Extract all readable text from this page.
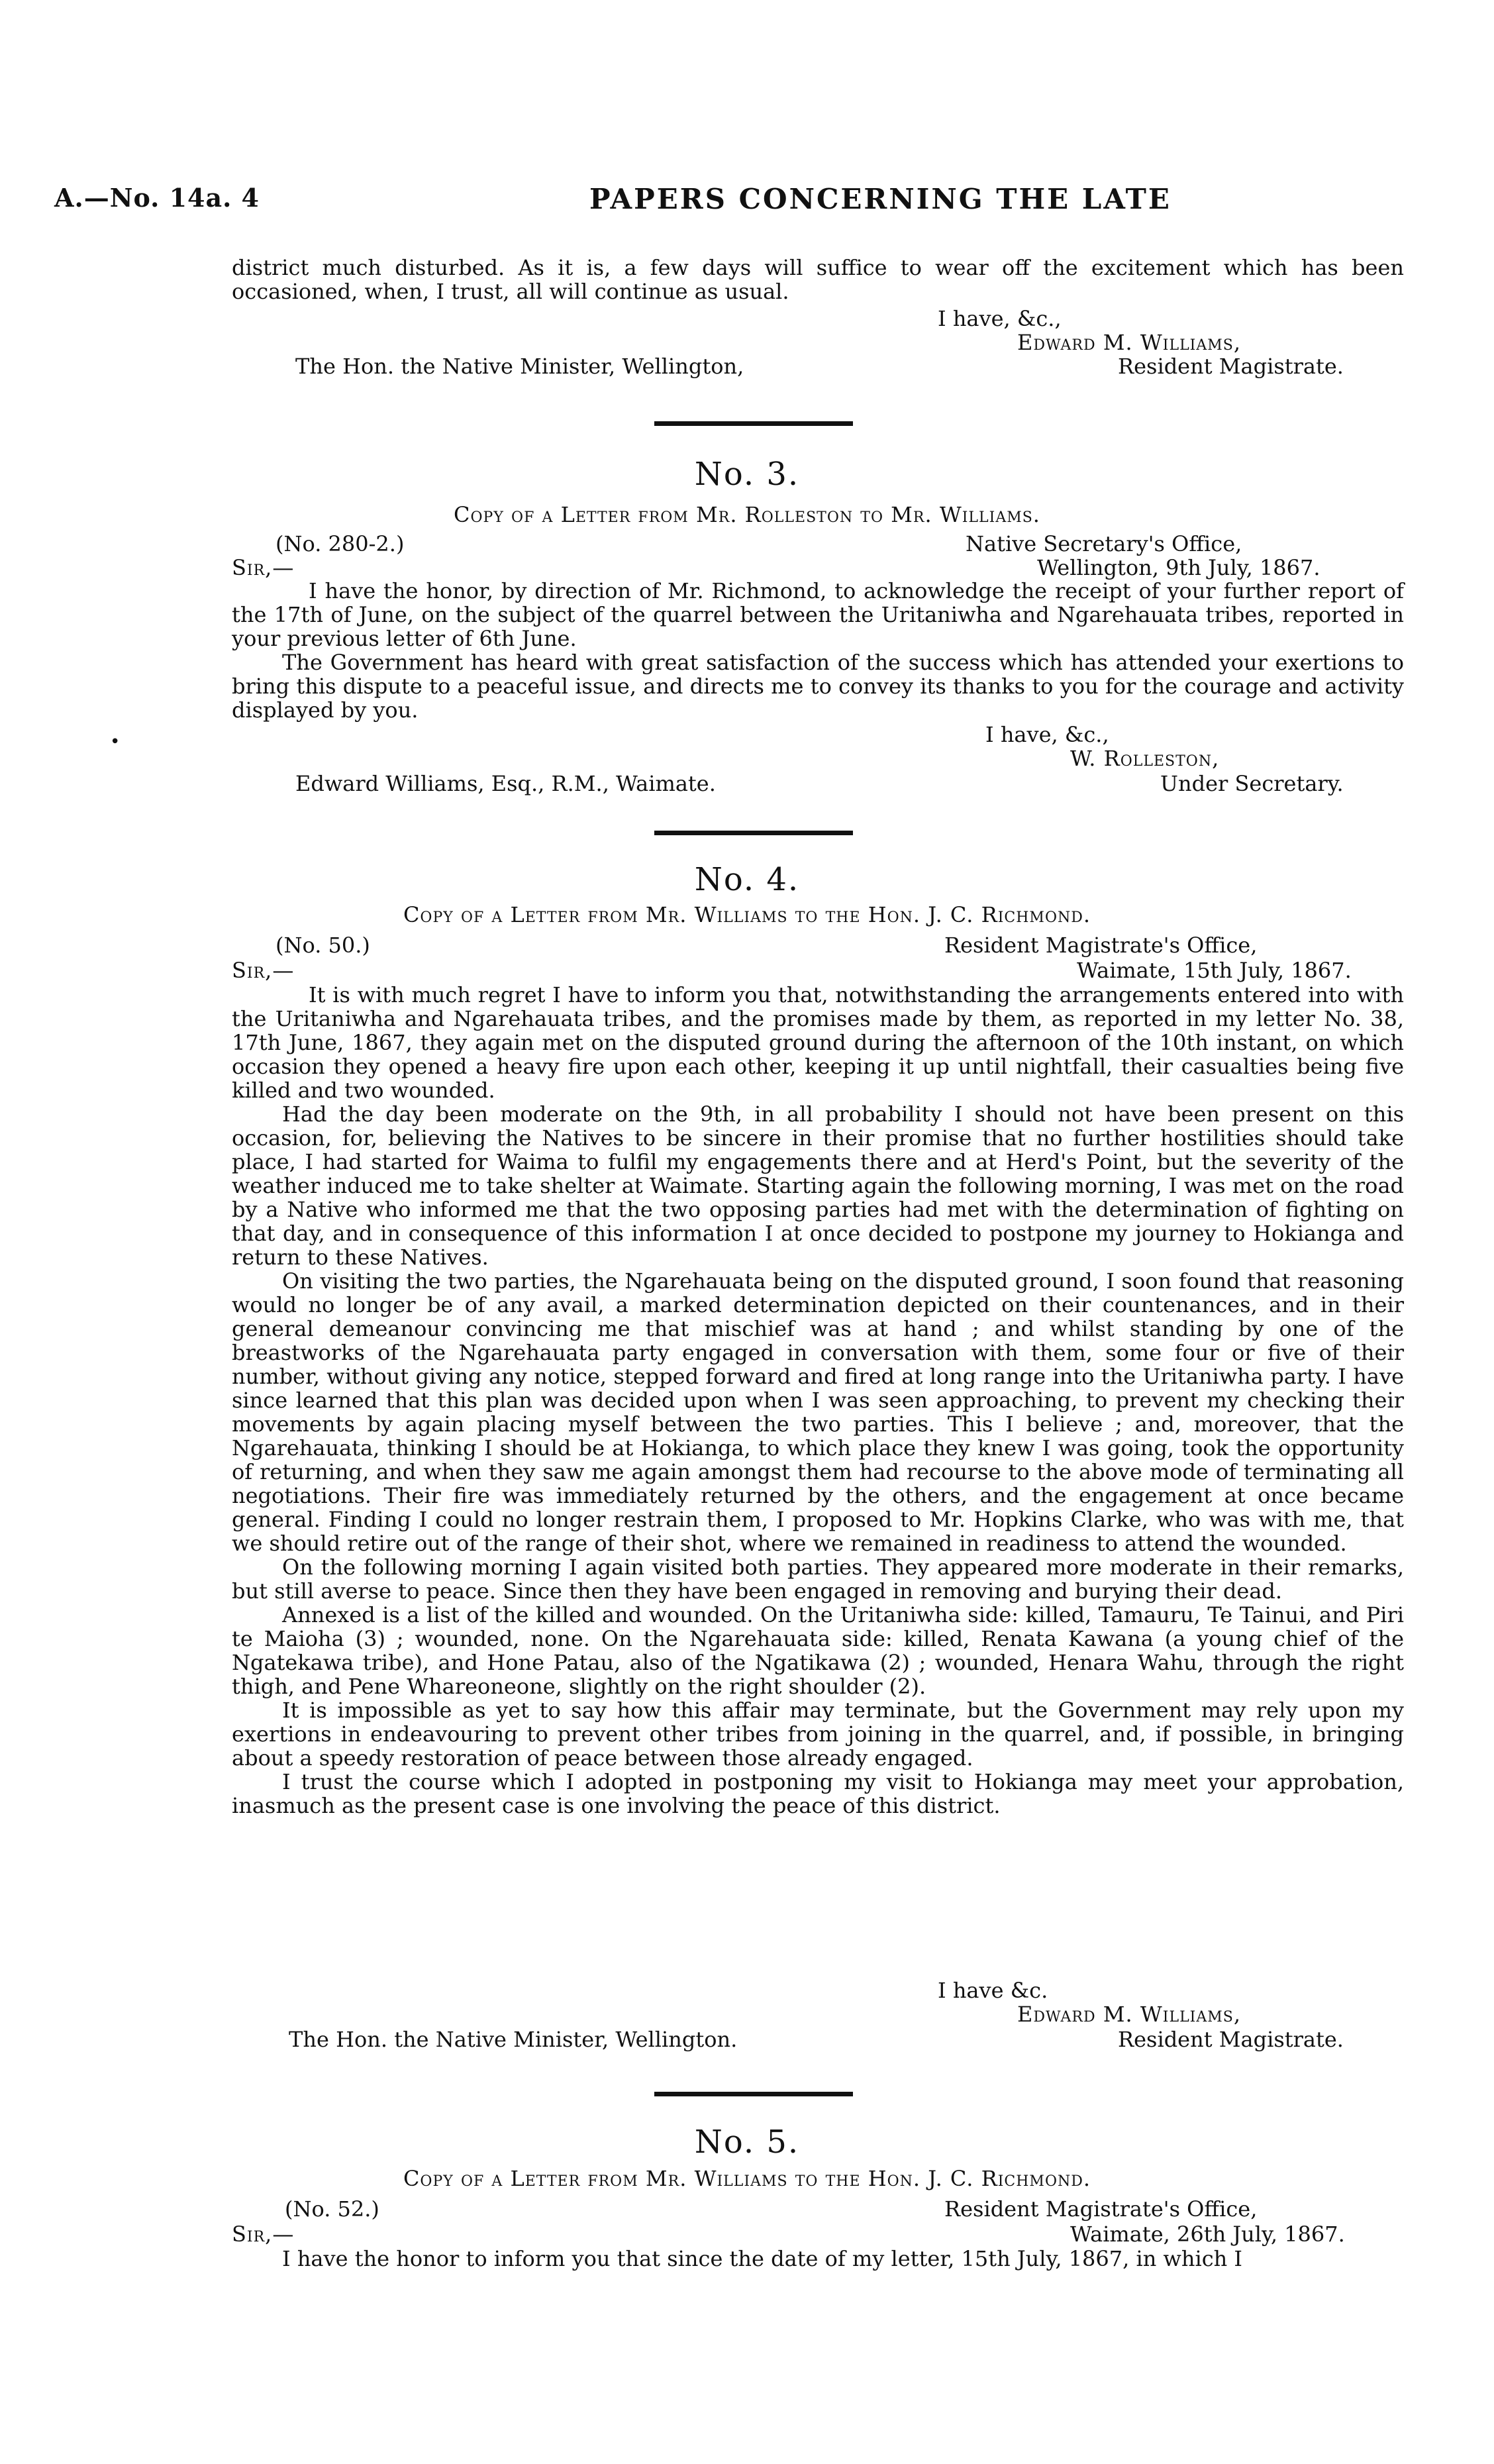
A.—No. 14a. 4	PAPERS CONCERNING THE LATE

district much disturbed. As it is, a few days will suffice to wear off the excitement which has been occasioned, when, I trust, all will continue as usual.

I have, &c.,
Edward M. Williams,
The Hon. the Native Minister, Wellington,	Resident Magistrate.
No. 3.
Copy of a Letter from Mr. Rolleston to Mr. Williams.
(No. 280-2.)	Native Secretary's Office,
Sir,—	Wellington, 9th July, 1867.

I have the honor, by direction of Mr. Richmond, to acknowledge the receipt of your further report of the 17th of June, on the subject of the quarrel between the Uritaniwha and Ngarehauata tribes, reported in your previous letter of 6th June.

The Government has heard with great satisfaction of the success which has attended your exertions to bring this dispute to a peaceful issue, and directs me to convey its thanks to you for the courage and activity displayed by you.

I have, &c.,
W. Rolleston,
Edward Williams, Esq., R.M., Waimate.	Under Secretary.
No. 4.
Copy of a Letter from Mr. Williams to the Hon. J. C. Richmond.
(No. 50.)	Resident Magistrate's Office,
Sir,—	Waimate, 15th July, 1867.

It is with much regret I have to inform you that, notwithstanding the arrangements entered into with the Uritaniwha and Ngarehauata tribes, and the promises made by them, as reported in my letter No. 38, 17th June, 1867, they again met on the disputed ground during the afternoon of the 10th instant, on which occasion they opened a heavy fire upon each other, keeping it up until nightfall, their casualties being five killed and two wounded.

Had the day been moderate on the 9th, in all probability I should not have been present on this occasion, for, believing the Natives to be sincere in their promise that no further hostilities should take place, I had started for Waima to fulfil my engagements there and at Herd's Point, but the severity of the weather induced me to take shelter at Waimate. Starting again the following morning, I was met on the road by a Native who informed me that the two opposing parties had met with the determination of fighting on that day, and in consequence of this information I at once decided to postpone my journey to Hokianga and return to these Natives.

On visiting the two parties, the Ngarehauata being on the disputed ground, I soon found that reasoning would no longer be of any avail, a marked determination depicted on their countenances, and in their general demeanour convincing me that mischief was at hand ; and whilst standing by one of the breastworks of the Ngarehauata party engaged in conversation with them, some four or five of their number, without giving any notice, stepped forward and fired at long range into the Uritaniwha party. I have since learned that this plan was decided upon when I was seen approaching, to prevent my checking their movements by again placing myself between the two parties. This I believe ; and, moreover, that the Ngarehauata, thinking I should be at Hokianga, to which place they knew I was going, took the opportunity of returning, and when they saw me again amongst them had recourse to the above mode of terminating all negotiations. Their fire was immediately returned by the others, and the engagement at once became general. Finding I could no longer restrain them, I proposed to Mr. Hopkins Clarke, who was with me, that we should retire out of the range of their shot, where we remained in readiness to attend the wounded.

On the following morning I again visited both parties. They appeared more moderate in their remarks, but still averse to peace. Since then they have been engaged in removing and burying their dead.

Annexed is a list of the killed and wounded. On the Uritaniwha side: killed, Tamauru, Te Tainui, and Piri te Maioha (3) ; wounded, none. On the Ngarehauata side: killed, Renata Kawana (a young chief of the Ngatekawa tribe), and Hone Patau, also of the Ngatikawa (2) ; wounded, Henara Wahu, through the right thigh, and Pene Whareoneone, slightly on the right shoulder (2).

It is impossible as yet to say how this affair may terminate, but the Government may rely upon my exertions in endeavouring to prevent other tribes from joining in the quarrel, and, if possible, in bringing about a speedy restoration of peace between those already engaged.

I trust the course which I adopted in postponing my visit to Hokianga may meet your approbation, inasmuch as the present case is one involving the peace of this district.

I have &c.
Edward M. Williams,
The Hon. the Native Minister, Wellington.	Resident Magistrate.
No. 5.
Copy of a Letter from Mr. Williams to the Hon. J. C. Richmond.
(No. 52.)	Resident Magistrate's Office,
Sir,—	Waimate, 26th July, 1867.

I have the honor to inform you that since the date of my letter, 15th July, 1867, in which I

•
